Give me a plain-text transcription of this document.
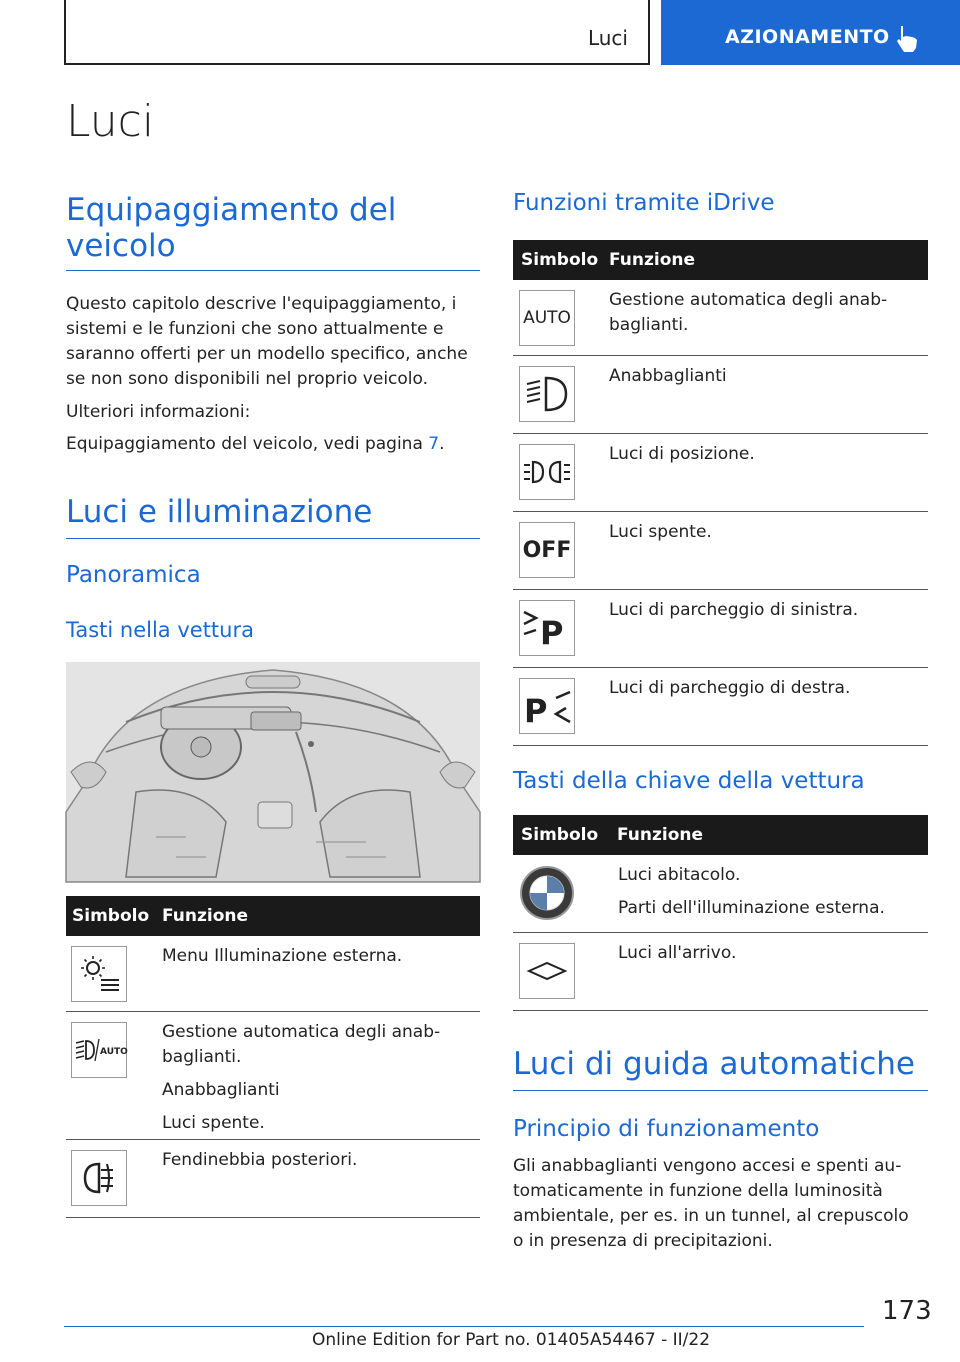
Luci	AZIONAMENTO
Luci
Equipaggiamento del
veicolo
Questo capitolo descrive l'equipaggiamento, i
sistemi e le funzioni che sono attualmente e
saranno offerti per un modello specifico, anche
se non sono disponibili nel proprio veicolo.
Ulteriori informazioni:
Equipaggiamento del veicolo, vedi pagina 7.
Luci e illuminazione
Panoramica
Tasti nella vettura
Simbolo Funzione

Menu Illuminazione esterna.

AUTO

Gestione automatica degli anab-
baglianti.

Anabbaglianti

Luci spente.

Fendinebbia posteriori.

Funzioni tramite iDrive
Simbolo Funzione
AUTO

Gestione automatica degli anab-
baglianti.

Anabbaglianti

Luci di posizione.

OFF

Luci spente.

P

Luci di parcheggio di sinistra.

P

Luci di parcheggio di destra.

Tasti della chiave della vettura
Simbolo Funzione

Luci abitacolo.

Parti dell'illuminazione esterna.

Luci all'arrivo.

Luci di guida automatiche
Principio di funzionamento
Gli anabbaglianti vengono accesi e spenti au-
tomaticamente in funzione della luminosità
ambientale, per es. in un tunnel, al crepuscolo
o in presenza di precipitazioni.
173
Online Edition for Part no. 01405A54467 - II/22
